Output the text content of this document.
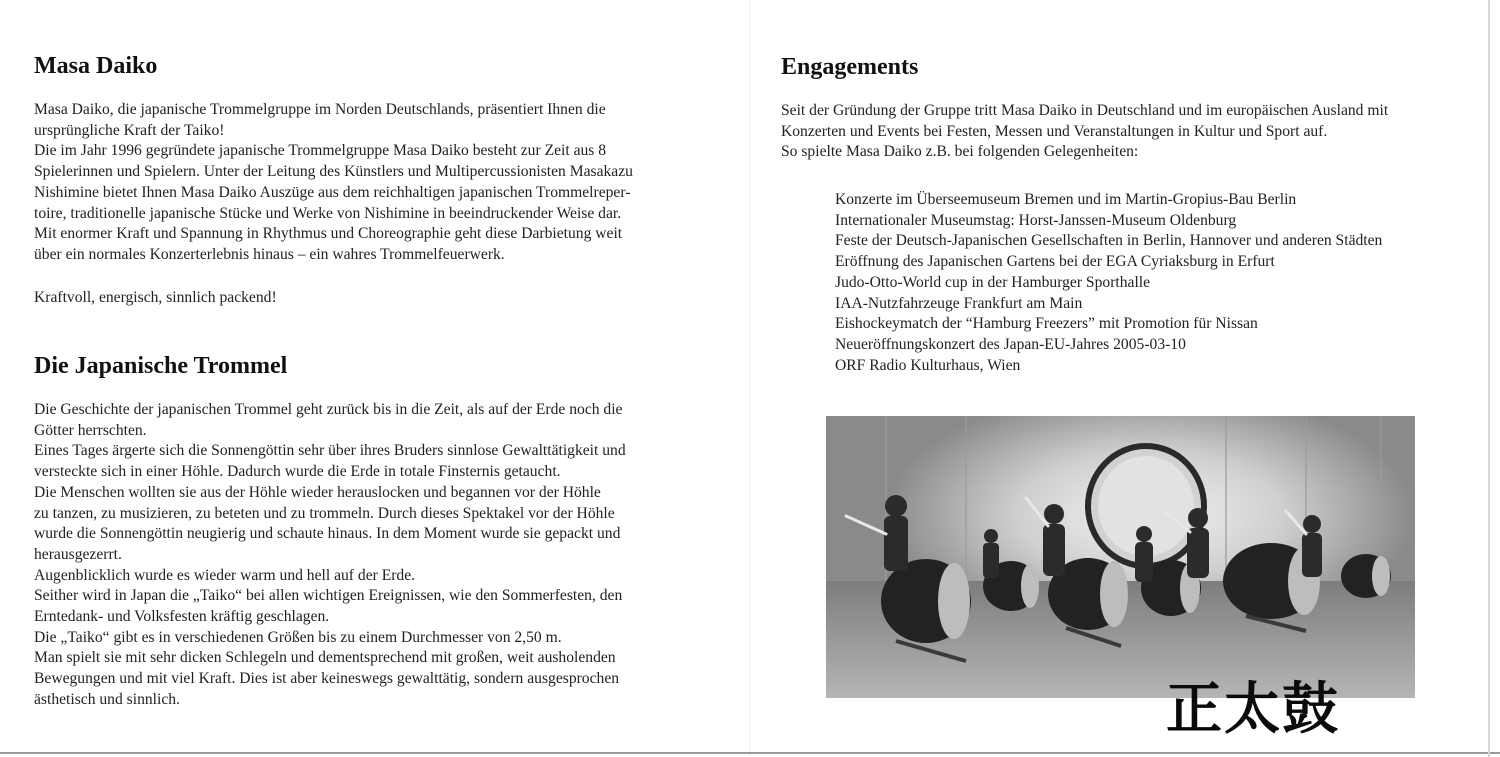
Masa Daiko
Masa Daiko, die japanische Trommelgruppe im Norden Deutschlands, präsentiert Ihnen die
ursprüngliche Kraft der Taiko!
Die im Jahr 1996 gegründete japanische Trommelgruppe Masa Daiko besteht zur Zeit aus 8
Spielerinnen und Spielern. Unter der Leitung des Künstlers und Multipercussionisten Masakazu
Nishimine bietet Ihnen Masa Daiko Auszüge aus dem reichhaltigen japanischen Trommelreper-
toire, traditionelle japanische Stücke und Werke von Nishimine in beeindruckender Weise dar.
Mit enormer Kraft und Spannung in Rhythmus und Choreographie geht diese Darbietung weit
über ein normales Konzerterlebnis hinaus – ein wahres Trommelfeuerwerk.
Kraftvoll, energisch, sinnlich packend!
Die Japanische Trommel
Die Geschichte der japanischen Trommel geht zurück bis in die Zeit, als auf der Erde noch die
Götter herrschten.
Eines Tages ärgerte sich die Sonnengöttin sehr über ihres Bruders sinnlose Gewalttätigkeit und
versteckte sich in einer Höhle. Dadurch wurde die Erde in totale Finsternis getaucht.
Die Menschen wollten sie aus der Höhle wieder herauslocken und begannen vor der Höhle
zu tanzen, zu musizieren, zu beteten und zu trommeln. Durch dieses Spektakel vor der Höhle
wurde die Sonnengöttin neugierig und schaute hinaus. In dem Moment wurde sie gepackt und
herausgezerrt.
Augenblicklich wurde es wieder warm und hell auf der Erde.
Seither wird in Japan die „Taiko“ bei allen wichtigen Ereignissen, wie den Sommerfesten, den
Erntedank- und Volksfesten kräftig geschlagen.
Die „Taiko“ gibt es in verschiedenen Größen bis zu einem Durchmesser von 2,50 m.
Man spielt sie mit sehr dicken Schlegeln und dementsprechend mit großen, weit ausholenden
Bewegungen und mit viel Kraft. Dies ist aber keineswegs gewalttätig, sondern ausgesprochen
ästhetisch und sinnlich.
Engagements
Seit der Gründung der Gruppe tritt Masa Daiko in Deutschland und im europäischen Ausland mit
Konzerten und Events bei Festen, Messen und Veranstaltungen in Kultur und Sport auf.
So spielte Masa Daiko z.B. bei folgenden Gelegenheiten:
Konzerte im Überseemuseum Bremen und im Martin-Gropius-Bau Berlin
Internationaler Museumstag: Horst-Janssen-Museum Oldenburg
Feste der Deutsch-Japanischen Gesellschaften in Berlin, Hannover und anderen Städten
Eröffnung des Japanischen Gartens bei der EGA Cyriaksburg in Erfurt
Judo-Otto-World cup in der Hamburger Sporthalle
IAA-Nutzfahrzeuge Frankfurt am Main
Eishockeymatch der “Hamburg Freezers” mit Promotion für Nissan
Neueröffnungskonzert des Japan-EU-Jahres 2005-03-10
ORF Radio Kulturhaus, Wien
正太鼓
